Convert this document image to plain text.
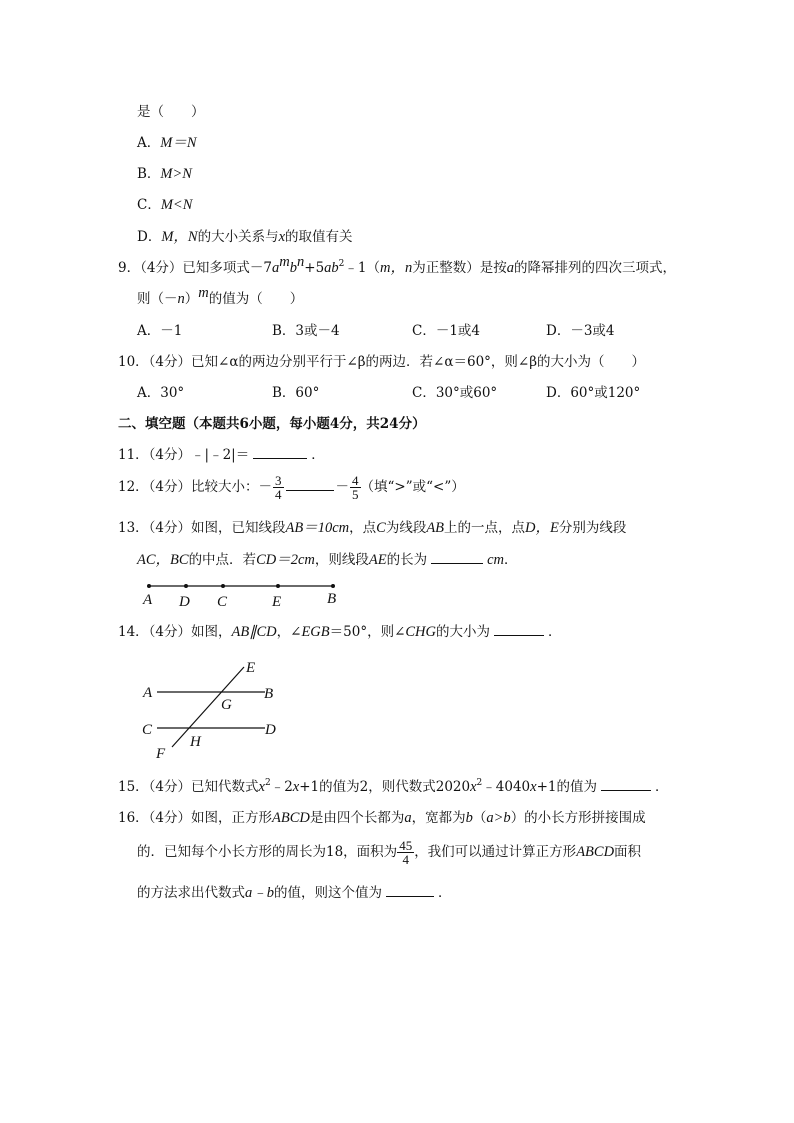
是（　　）
A．M＝N
B．M>N
C．M<N
D．M，N的大小关系与x的取值有关
9．（4分）已知多项式$-7a^mb^n+5ab^2﹣1(m$，n为正整数）是按a的降幂排列的四次三项式，
则$(-n)^m$的值为（　　）
A．－1	B．3或－4	C．－1或4	D．－3或4
10．（4分）已知∠α的两边分别平行于∠β的两边．若∠α＝60°，则∠β的大小为（　　）
A．30°	B．60°	C．30°或60°	D．60°或120°
二、填空题（本题共6小题，每小题4分，共24分）
11．（4分）﹣|﹣2|＝	．
12．（4分）比较大小：－ $\frac{3}{4}$	－ $\frac{4}{5}$ （填“>”或“<”）
13．（4分）如图，已知线段AB＝10cm，点C为线段AB上的一点，点D，E分别为线段
AC，BC的中点．若CD＝2cm，则线段AE的长为	cm．
A D C	E	B
14．（4分）如图，AB∥CD，∠EGB＝50°，则∠CHG的大小为	．
E
A	B
G
C	D
H
F
15．（4分）已知代数式$x^2﹣2x+1$的值为2，则代数式$2020x^2﹣4040x+1$的值为	．
16．（4分）如图，正方形ABCD是由四个长都为a，宽都为b（a>b）的小长方形拼接围成
的．已知每个小长方形的周长为18，面积为 $\frac{45}{4}$ ，我们可以通过计算正方形ABCD面积
的方法求出代数式a﹣b的值，则这个值为	．
